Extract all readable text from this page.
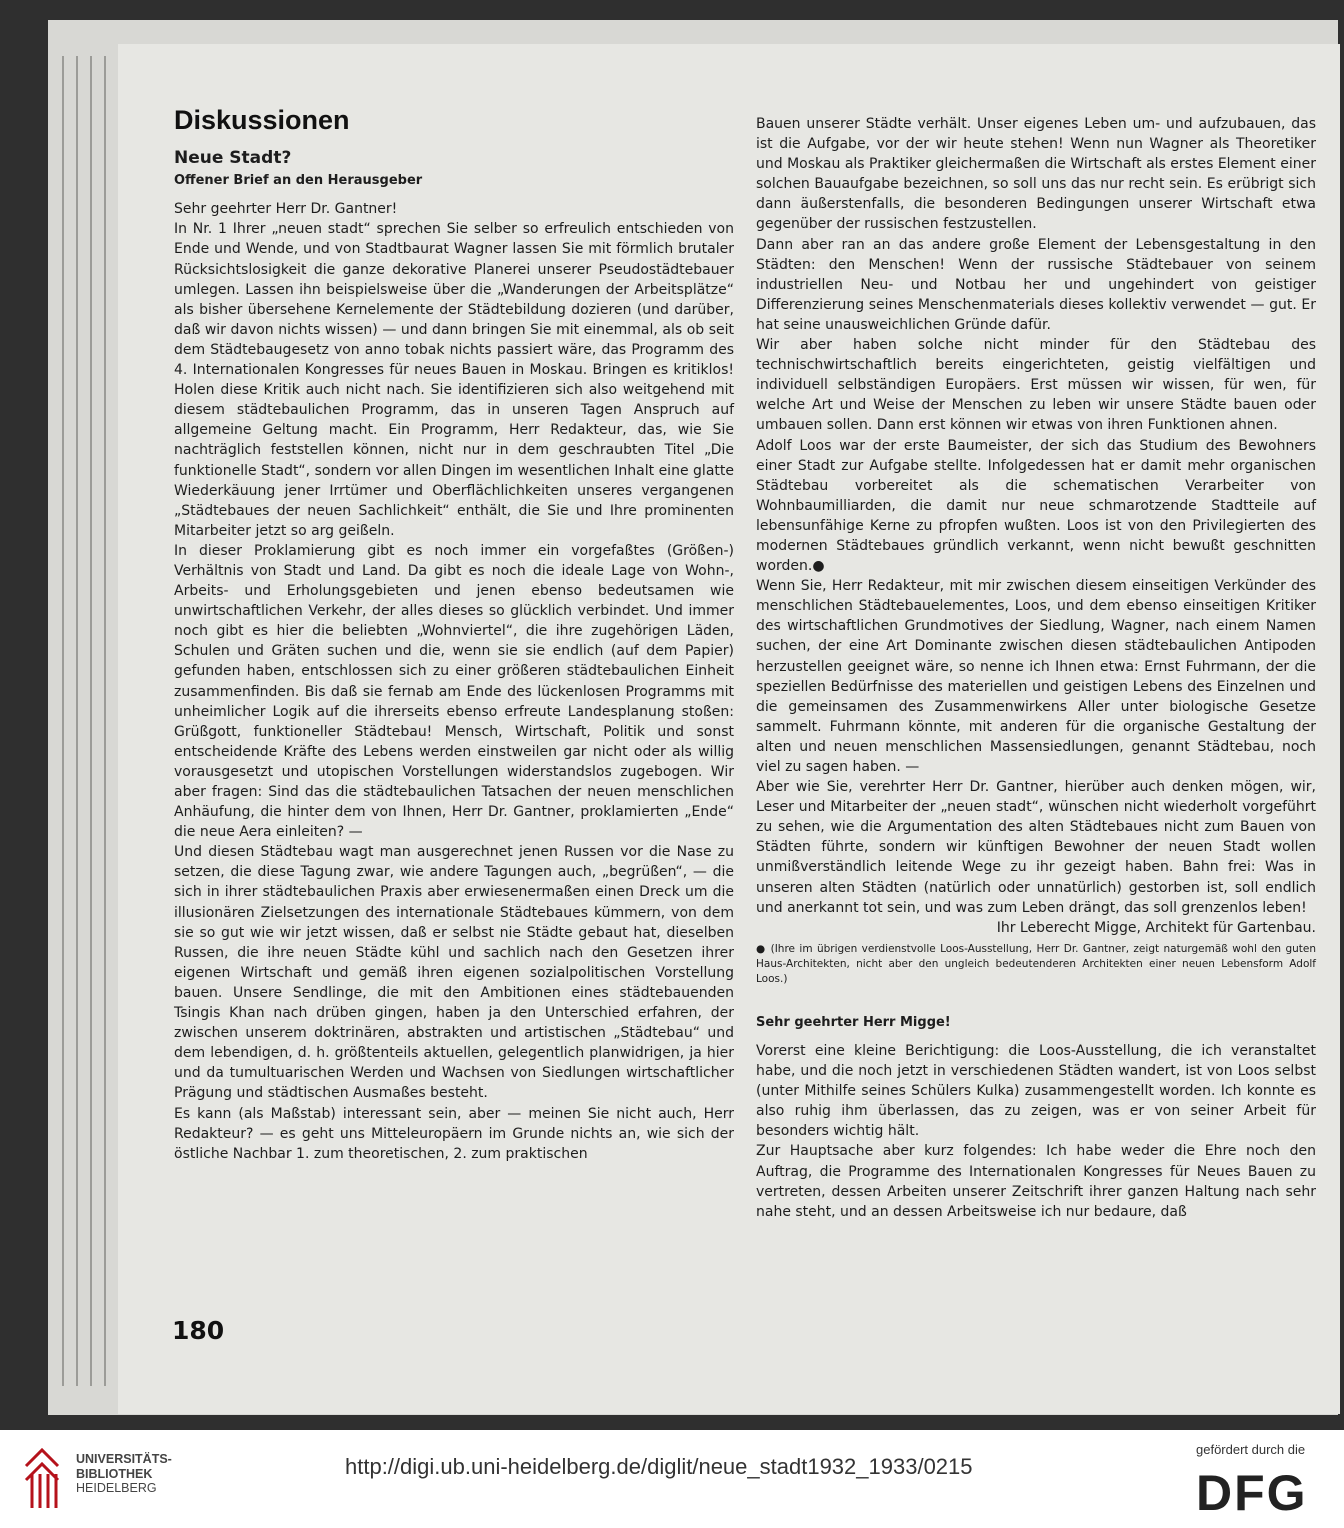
Diskussionen
Neue Stadt?
Offener Brief an den Herausgeber

Sehr geehrter Herr Dr. Gantner!

In Nr. 1 Ihrer „neuen stadt“ sprechen Sie selber so erfreulich entschieden von Ende und Wende, und von Stadtbaurat Wagner lassen Sie mit förmlich brutaler Rücksichtslosigkeit die ganze dekorative Planerei unserer Pseudostädtebauer umlegen. Lassen ihn beispielsweise über die „Wanderungen der Arbeitsplätze“ als bisher übersehene Kernelemente der Städtebildung dozieren (und darüber, daß wir davon nichts wissen) — und dann bringen Sie mit einemmal, als ob seit dem Städtebaugesetz von anno tobak nichts passiert wäre, das Programm des 4. Internationalen Kongresses für neues Bauen in Moskau. Bringen es kritiklos! Holen diese Kritik auch nicht nach. Sie identifizieren sich also weitgehend mit diesem städtebaulichen Programm, das in unseren Tagen Anspruch auf allgemeine Geltung macht. Ein Programm, Herr Redakteur, das, wie Sie nachträglich feststellen können, nicht nur in dem geschraubten Titel „Die funktionelle Stadt“, sondern vor allen Dingen im wesentlichen Inhalt eine glatte Wiederkäuung jener Irrtümer und Oberflächlichkeiten unseres vergangenen „Städtebaues der neuen Sachlichkeit“ enthält, die Sie und Ihre prominenten Mitarbeiter jetzt so arg geißeln.

In dieser Proklamierung gibt es noch immer ein vorgefaßtes (Größen-) Verhältnis von Stadt und Land. Da gibt es noch die ideale Lage von Wohn-, Arbeits- und Erholungsgebieten und jenen ebenso bedeutsamen wie unwirtschaftlichen Verkehr, der alles dieses so glücklich verbindet. Und immer noch gibt es hier die beliebten „Wohnviertel“, die ihre zugehörigen Läden, Schulen und Gräten suchen und die, wenn sie sie endlich (auf dem Papier) gefunden haben, entschlossen sich zu einer größeren städtebaulichen Einheit zusammenfinden. Bis daß sie fernab am Ende des lückenlosen Programms mit unheimlicher Logik auf die ihrerseits ebenso erfreute Landesplanung stoßen: Grüßgott, funktioneller Städtebau! Mensch, Wirtschaft, Politik und sonst entscheidende Kräfte des Lebens werden einstweilen gar nicht oder als willig vorausgesetzt und utopischen Vorstellungen widerstandslos zugebogen. Wir aber fragen: Sind das die städtebaulichen Tatsachen der neuen menschlichen Anhäufung, die hinter dem von Ihnen, Herr Dr. Gantner, proklamierten „Ende“ die neue Aera einleiten? —

Und diesen Städtebau wagt man ausgerechnet jenen Russen vor die Nase zu setzen, die diese Tagung zwar, wie andere Tagungen auch, „begrüßen“, — die sich in ihrer städtebaulichen Praxis aber erwiesenermaßen einen Dreck um die illusionären Zielsetzungen des internationale Städtebaues kümmern, von dem sie so gut wie wir jetzt wissen, daß er selbst nie Städte gebaut hat, dieselben Russen, die ihre neuen Städte kühl und sachlich nach den Gesetzen ihrer eigenen Wirtschaft und gemäß ihren eigenen sozialpolitischen Vorstellung bauen. Unsere Sendlinge, die mit den Ambitionen eines städtebauenden Tsingis Khan nach drüben gingen, haben ja den Unterschied erfahren, der zwischen unserem doktrinären, abstrakten und artistischen „Städtebau“ und dem lebendigen, d. h. größtenteils aktuellen, gelegentlich planwidrigen, ja hier und da tumultuarischen Werden und Wachsen von Siedlungen wirtschaftlicher Prägung und städtischen Ausmaßes besteht.

Es kann (als Maßstab) interessant sein, aber — meinen Sie nicht auch, Herr Redakteur? — es geht uns Mitteleuropäern im Grunde nichts an, wie sich der östliche Nachbar 1. zum theoretischen, 2. zum praktischen

Bauen unserer Städte verhält. Unser eigenes Leben um- und aufzubauen, das ist die Aufgabe, vor der wir heute stehen! Wenn nun Wagner als Theoretiker und Moskau als Praktiker gleichermaßen die Wirtschaft als erstes Element einer solchen Bauaufgabe bezeichnen, so soll uns das nur recht sein. Es erübrigt sich dann äußerstenfalls, die besonderen Bedingungen unserer Wirtschaft etwa gegenüber der russischen festzustellen.

Dann aber ran an das andere große Element der Lebensgestaltung in den Städten: den Menschen! Wenn der russische Städtebauer von seinem industriellen Neu- und Notbau her und ungehindert von geistiger Differenzierung seines Menschenmaterials dieses kollektiv verwendet — gut. Er hat seine unausweichlichen Gründe dafür.

Wir aber haben solche nicht minder für den Städtebau des technischwirtschaftlich bereits eingerichteten, geistig vielfältigen und individuell selbständigen Europäers. Erst müssen wir wissen, für wen, für welche Art und Weise der Menschen zu leben wir unsere Städte bauen oder umbauen sollen. Dann erst können wir etwas von ihren Funktionen ahnen.

Adolf Loos war der erste Baumeister, der sich das Studium des Bewohners einer Stadt zur Aufgabe stellte. Infolgedessen hat er damit mehr organischen Städtebau vorbereitet als die schematischen Verarbeiter von Wohnbaumilliarden, die damit nur neue schmarotzende Stadtteile auf lebensunfähige Kerne zu pfropfen wußten. Loos ist von den Privilegierten des modernen Städtebaues gründlich verkannt, wenn nicht bewußt geschnitten worden.●

Wenn Sie, Herr Redakteur, mit mir zwischen diesem einseitigen Verkünder des menschlichen Städtebauelementes, Loos, und dem ebenso einseitigen Kritiker des wirtschaftlichen Grundmotives der Siedlung, Wagner, nach einem Namen suchen, der eine Art Dominante zwischen diesen städtebaulichen Antipoden herzustellen geeignet wäre, so nenne ich Ihnen etwa: Ernst Fuhrmann, der die speziellen Bedürfnisse des materiellen und geistigen Lebens des Einzelnen und die gemeinsamen des Zusammenwirkens Aller unter biologische Gesetze sammelt. Fuhrmann könnte, mit anderen für die organische Gestaltung der alten und neuen menschlichen Massensiedlungen, genannt Städtebau, noch viel zu sagen haben. —

Aber wie Sie, verehrter Herr Dr. Gantner, hierüber auch denken mögen, wir, Leser und Mitarbeiter der „neuen stadt“, wünschen nicht wiederholt vorgeführt zu sehen, wie die Argumentation des alten Städtebaues nicht zum Bauen von Städten führte, sondern wir künftigen Bewohner der neuen Stadt wollen unmißverständlich leitende Wege zu ihr gezeigt haben. Bahn frei: Was in unseren alten Städten (natürlich oder unnatürlich) gestorben ist, soll endlich und anerkannt tot sein, und was zum Leben drängt, das soll grenzenlos leben!

Ihr Leberecht Migge, Architekt für Gartenbau.

● (Ihre im übrigen verdienstvolle Loos-Ausstellung, Herr Dr. Gantner, zeigt naturgemäß wohl den guten Haus-Architekten, nicht aber den ungleich bedeutenderen Architekten einer neuen Lebensform Adolf Loos.)

Sehr geehrter Herr Migge!

Vorerst eine kleine Berichtigung: die Loos-Ausstellung, die ich veranstaltet habe, und die noch jetzt in verschiedenen Städten wandert, ist von Loos selbst (unter Mithilfe seines Schülers Kulka) zusammengestellt worden. Ich konnte es also ruhig ihm überlassen, das zu zeigen, was er von seiner Arbeit für besonders wichtig hält.

Zur Hauptsache aber kurz folgendes: Ich habe weder die Ehre noch den Auftrag, die Programme des Internationalen Kongresses für Neues Bauen zu vertreten, dessen Arbeiten unserer Zeitschrift ihrer ganzen Haltung nach sehr nahe steht, und an dessen Arbeitsweise ich nur bedaure, daß

180
UNIVERSITÄTS-
BIBLIOTHEK
HEIDELBERG
http://digi.ub.uni-heidelberg.de/diglit/neue_stadt1932_1933/0215
gefördert durch die
DFG
